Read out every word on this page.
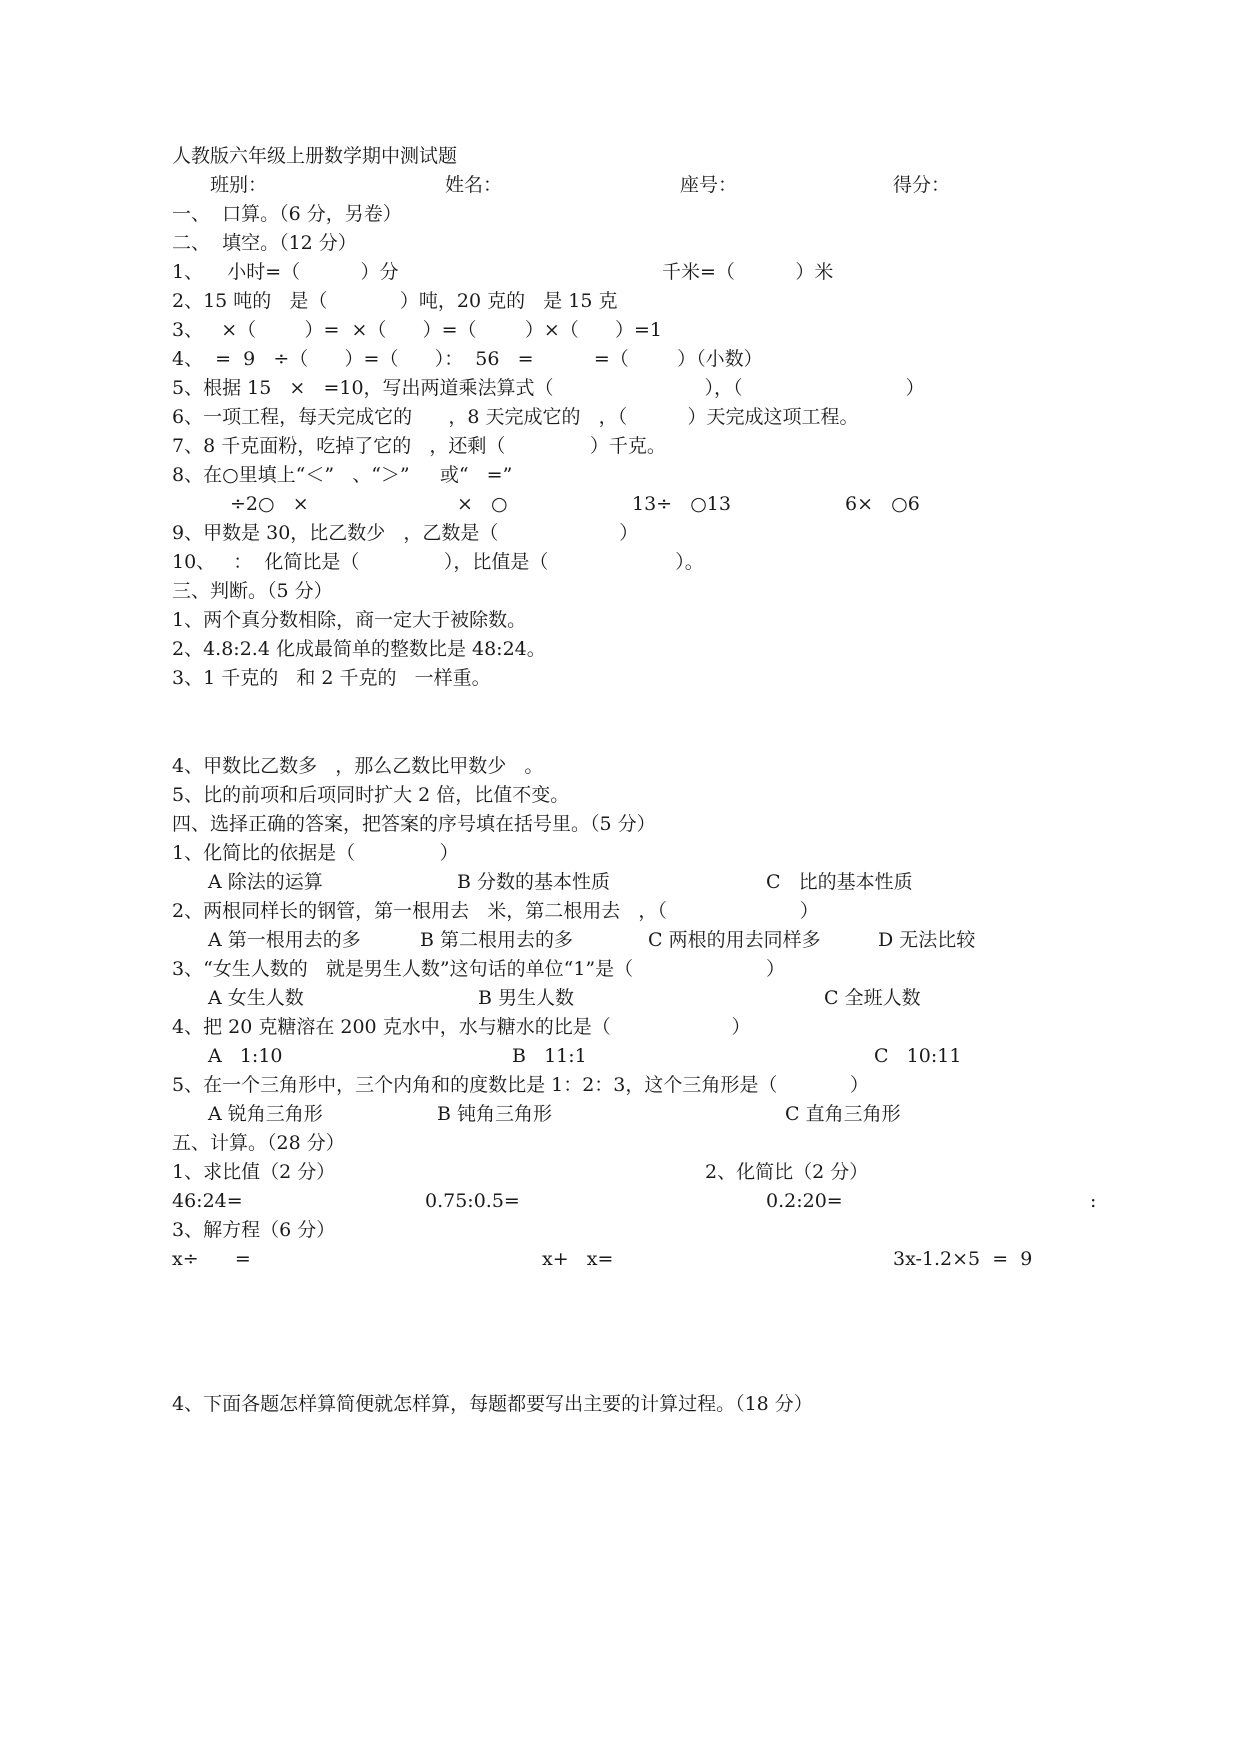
人教版六年级上册数学期中测试题
班别：	姓名：	座号：	得分：
一、  口算。（6 分，另卷）
二、  填空。（12 分）
1、    小时=（          ）分	千米=（          ）米
2、15 吨的   是（            ）吨，20 克的   是 15 克
3、   ×（        ）=  ×（      ）=（        ）×（      ）=1
4、  =  9   ÷（      ）=（      ）：  56   =          =（        ）（小数）
5、根据 15   ×   =10，写出两道乘法算式（                         ），（                           ）
6、一项工程，每天完成它的      ，8 天完成它的   ，（          ）天完成这项工程。
7、8 千克面粉，吃掉了它的   ，还剩（              ）千克。
8、在○里填上“＜”   、“＞”     或“   =”
÷2○   ×	×   ○	13÷   ○13	6×   ○6
9、甲数是 30，比乙数少   ，乙数是（                    ）
10、   ：  化简比是（              ），比值是（                     ）。
三、判断。（5 分）
1、两个真分数相除，商一定大于被除数。
2、4.8:2.4 化成最简单的整数比是 48:24。
3、1 千克的   和 2 千克的   一样重。
4、甲数比乙数多   ，那么乙数比甲数少   。
5、比的前项和后项同时扩大 2 倍，比值不变。
四、选择正确的答案，把答案的序号填在括号里。（5 分）
1、化简比的依据是（              ）
A 除法的运算	B 分数的基本性质	C   比的基本性质
2、两根同样长的钢管，第一根用去   米，第二根用去   ，（                      ）
A 第一根用去的多	B 第二根用去的多	C 两根的用去同样多	D 无法比较
3、“女生人数的   就是男生人数”这句话的单位“1”是（                      ）
A 女生人数	B 男生人数	C 全班人数
4、把 20 克糖溶在 200 克水中，水与糖水的比是（                    ）
A   1:10	B   11:1	C   10:11
5、在一个三角形中，三个内角和的度数比是 1：2：3，这个三角形是（            ）
A 锐角三角形	B 钝角三角形	C 直角三角形
五、计算。（28 分）
1、求比值（2 分）	2、化简比（2 分）
46:24=	0.75:0.5=	0.2:20=	:
3、解方程（6 分）
x÷      =	x+   x=	3x-1.2×5  =  9
4、下面各题怎样算简便就怎样算，每题都要写出主要的计算过程。（18 分）
